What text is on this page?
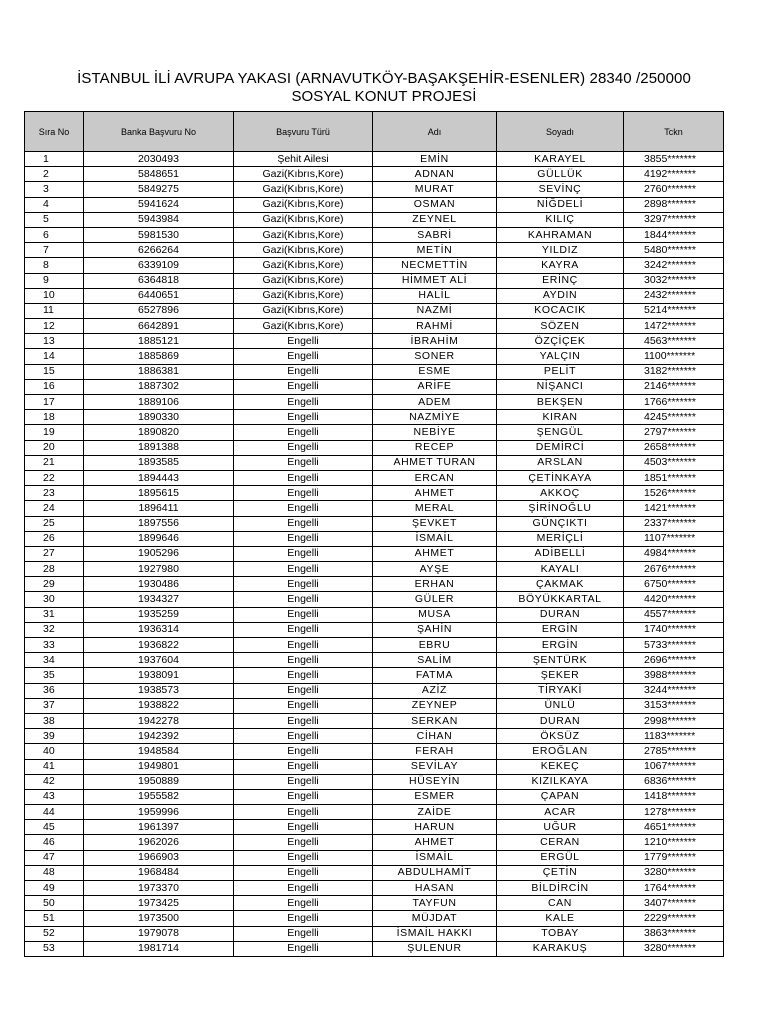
İSTANBUL İLİ AVRUPA YAKASI (ARNAVUTKÖY-BAŞAKŞEHİR-ESENLER) 28340 /250000
SOSYAL KONUT PROJESİ
Sıra No	Banka Başvuru No	Başvuru Türü	Adı	Soyadı	Tckn
1	2030493	Şehit Ailesi	EMİN	KARAYEL	3855*******
2	5848651	Gazi(Kıbrıs,Kore)	ADNAN	GÜLLÜK	4192*******
3	5849275	Gazi(Kıbrıs,Kore)	MURAT	SEVİNÇ	2760*******
4	5941624	Gazi(Kıbrıs,Kore)	OSMAN	NİĞDELİ	2898*******
5	5943984	Gazi(Kıbrıs,Kore)	ZEYNEL	KILIÇ	3297*******
6	5981530	Gazi(Kıbrıs,Kore)	SABRİ	KAHRAMAN	1844*******
7	6266264	Gazi(Kıbrıs,Kore)	METİN	YILDIZ	5480*******
8	6339109	Gazi(Kıbrıs,Kore)	NECMETTİN	KAYRA	3242*******
9	6364818	Gazi(Kıbrıs,Kore)	HİMMET ALİ	ERİNÇ	3032*******
10	6440651	Gazi(Kıbrıs,Kore)	HALİL	AYDIN	2432*******
11	6527896	Gazi(Kıbrıs,Kore)	NAZMİ	KOCACIK	5214*******
12	6642891	Gazi(Kıbrıs,Kore)	RAHMİ	SÖZEN	1472*******
13	1885121	Engelli	İBRAHİM	ÖZÇİÇEK	4563*******
14	1885869	Engelli	SONER	YALÇIN	1100*******
15	1886381	Engelli	ESME	PELİT	3182*******
16	1887302	Engelli	ARİFE	NİŞANCI	2146*******
17	1889106	Engelli	ADEM	BEKŞEN	1766*******
18	1890330	Engelli	NAZMİYE	KIRAN	4245*******
19	1890820	Engelli	NEBİYE	ŞENGÜL	2797*******
20	1891388	Engelli	RECEP	DEMİRCİ	2658*******
21	1893585	Engelli	AHMET TURAN	ARSLAN	4503*******
22	1894443	Engelli	ERCAN	ÇETİNKAYA	1851*******
23	1895615	Engelli	AHMET	AKKOÇ	1526*******
24	1896411	Engelli	MERAL	ŞİRİNOĞLU	1421*******
25	1897556	Engelli	ŞEVKET	GÜNÇIKTI	2337*******
26	1899646	Engelli	İSMAİL	MERİÇLİ	1107*******
27	1905296	Engelli	AHMET	ADİBELLİ	4984*******
28	1927980	Engelli	AYŞE	KAYALI	2676*******
29	1930486	Engelli	ERHAN	ÇAKMAK	6750*******
30	1934327	Engelli	GÜLER	BÖYÜKKARTAL	4420*******
31	1935259	Engelli	MUSA	DURAN	4557*******
32	1936314	Engelli	ŞAHİN	ERGİN	1740*******
33	1936822	Engelli	EBRU	ERGİN	5733*******
34	1937604	Engelli	SALİM	ŞENTÜRK	2696*******
35	1938091	Engelli	FATMA	ŞEKER	3988*******
36	1938573	Engelli	AZİZ	TİRYAKİ	3244*******
37	1938822	Engelli	ZEYNEP	ÜNLÜ	3153*******
38	1942278	Engelli	SERKAN	DURAN	2998*******
39	1942392	Engelli	CİHAN	ÖKSÜZ	1183*******
40	1948584	Engelli	FERAH	EROĞLAN	2785*******
41	1949801	Engelli	SEVİLAY	KEKEÇ	1067*******
42	1950889	Engelli	HÜSEYİN	KIZILKAYA	6836*******
43	1955582	Engelli	ESMER	ÇAPAN	1418*******
44	1959996	Engelli	ZAİDE	ACAR	1278*******
45	1961397	Engelli	HARUN	UĞUR	4651*******
46	1962026	Engelli	AHMET	CERAN	1210*******
47	1966903	Engelli	İSMAİL	ERGÜL	1779*******
48	1968484	Engelli	ABDULHAMİT	ÇETİN	3280*******
49	1973370	Engelli	HASAN	BİLDİRCİN	1764*******
50	1973425	Engelli	TAYFUN	CAN	3407*******
51	1973500	Engelli	MÜJDAT	KALE	2229*******
52	1979078	Engelli	İSMAİL HAKKI	TOBAY	3863*******
53	1981714	Engelli	ŞULENUR	KARAKUŞ	3280*******
